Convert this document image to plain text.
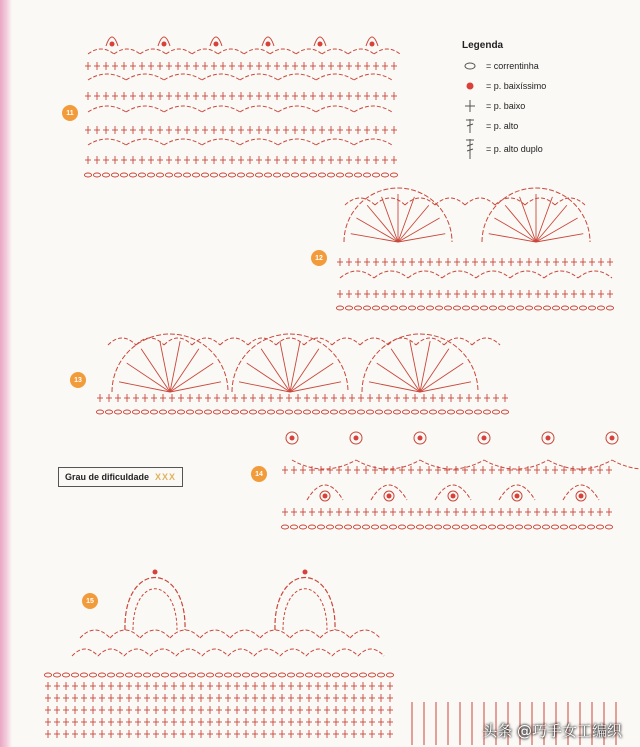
Legenda
= correntinha
= p. baixíssimo
= p. baixo
= p. alto
= p. alto duplo
11
12
13
14
15
Grau de dificuldade XXX
头条 @巧手女工编织
